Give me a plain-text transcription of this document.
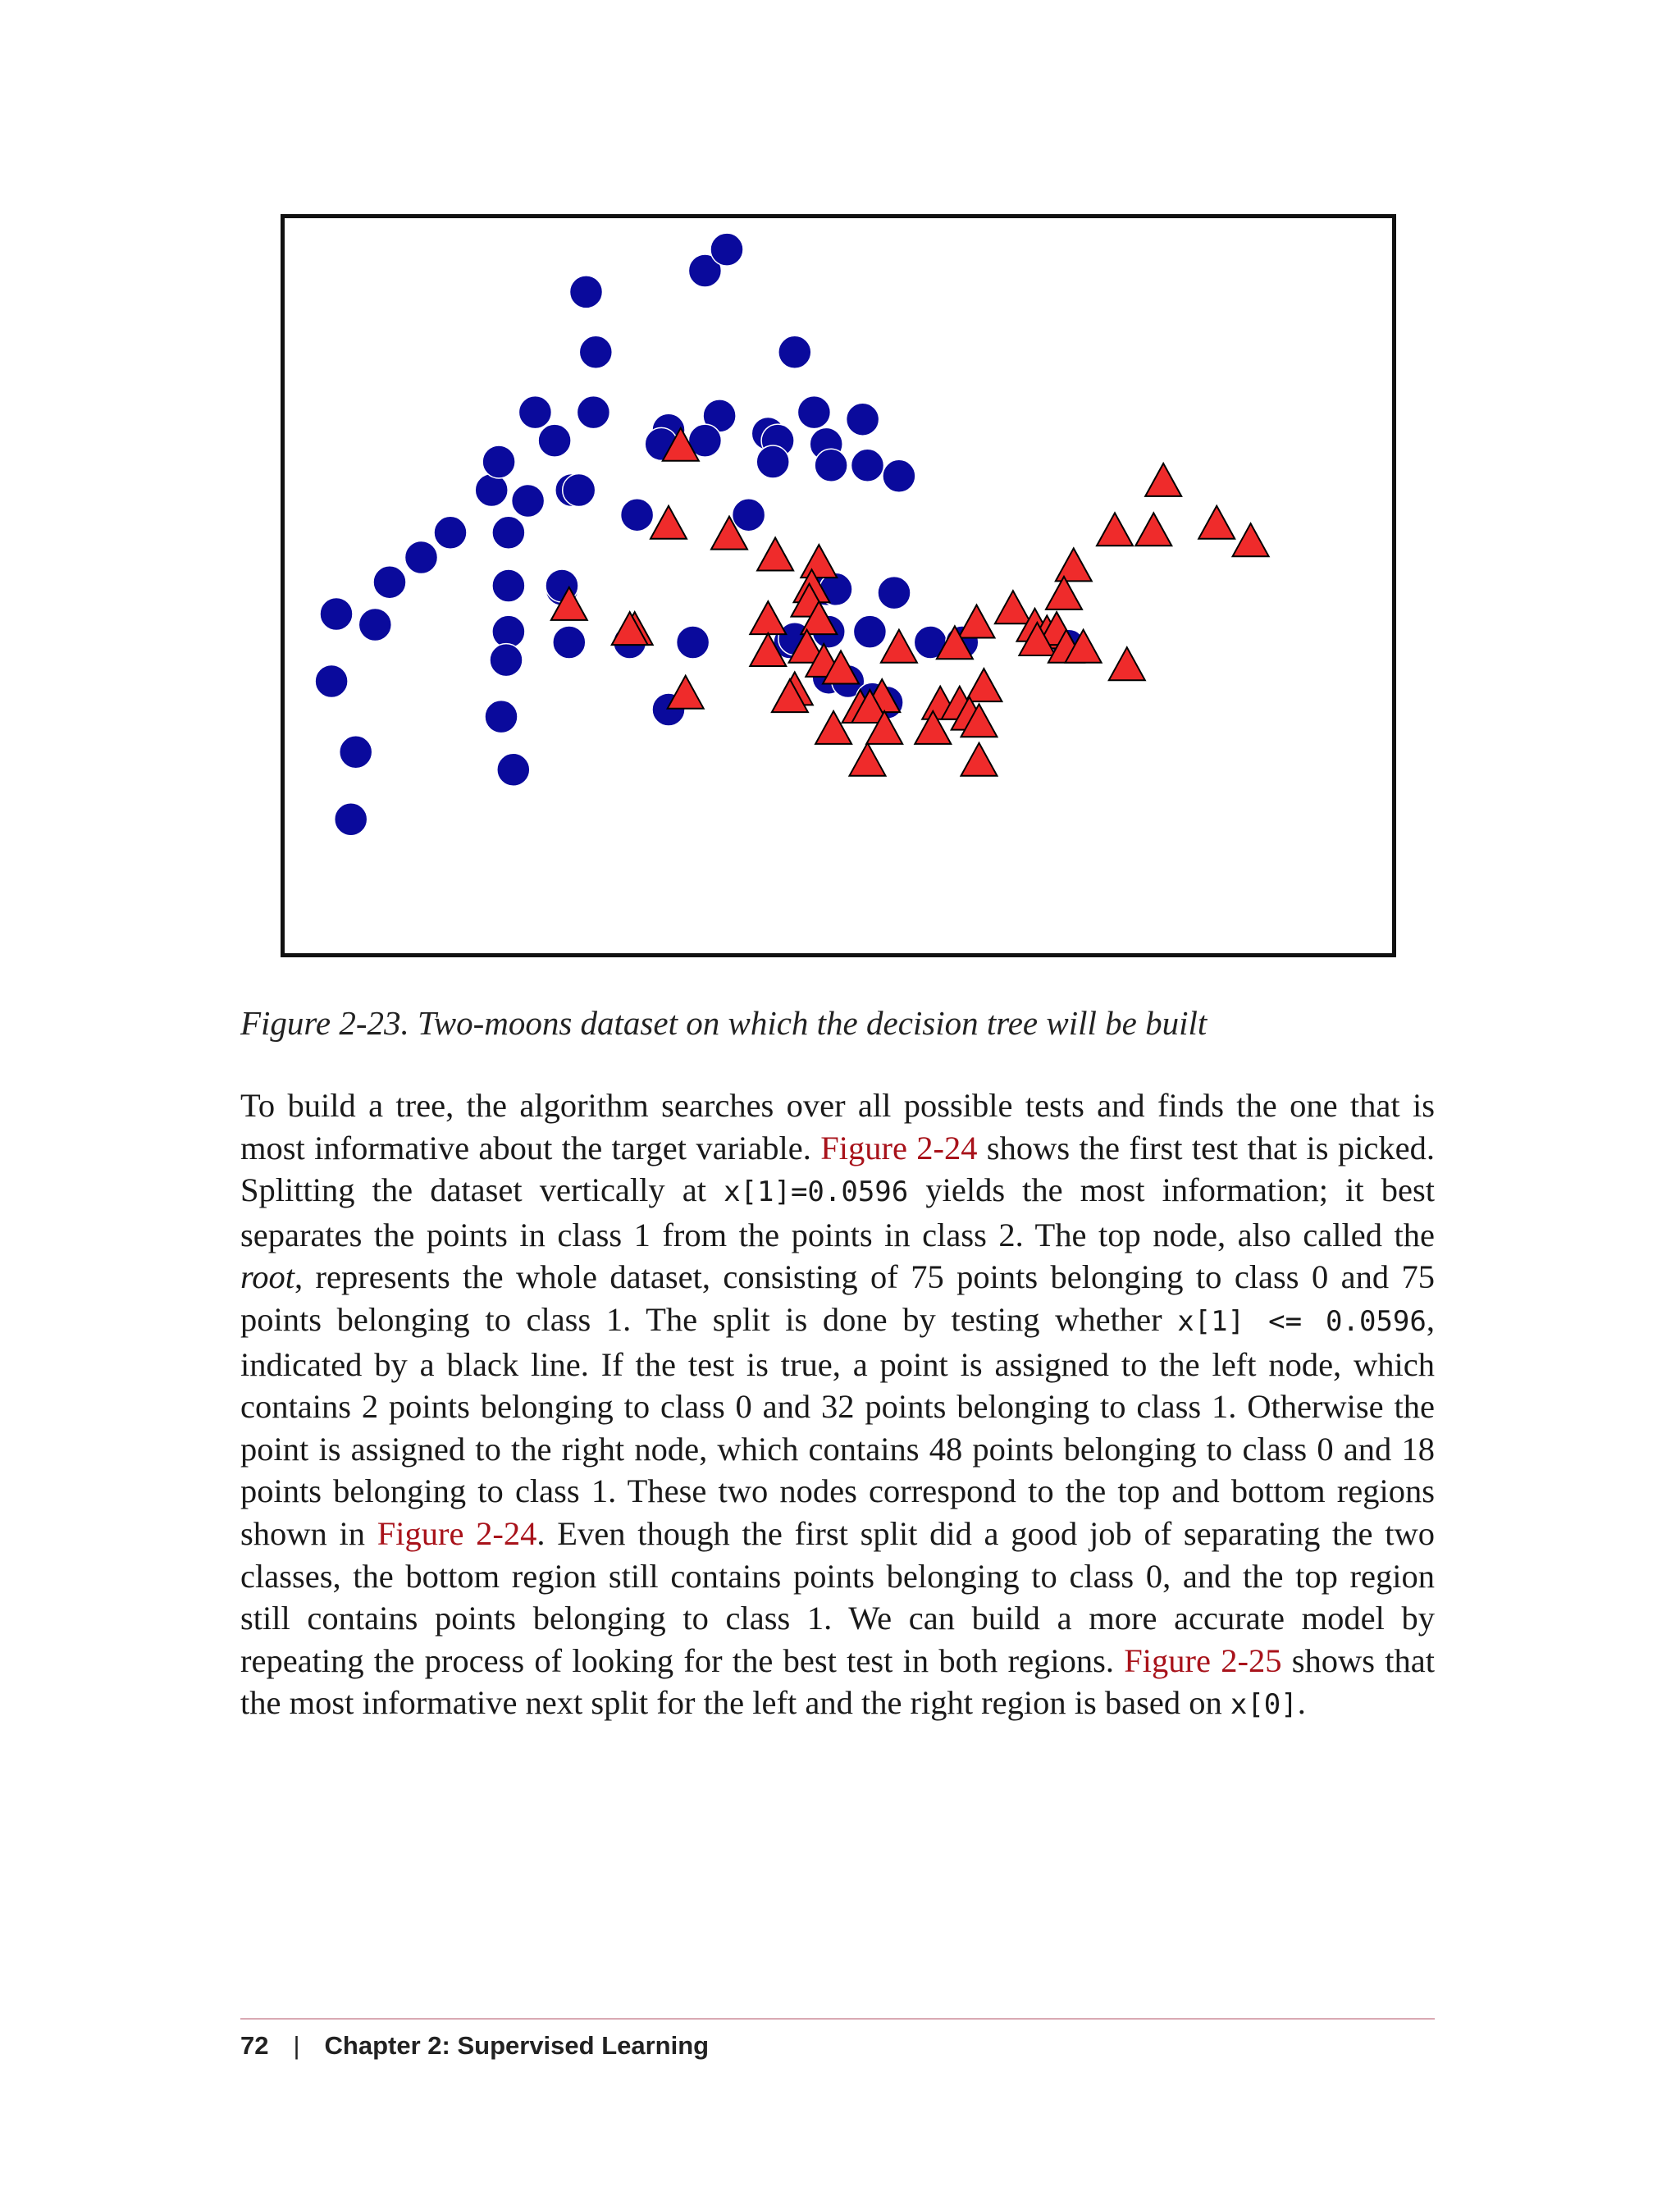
Figure 2-23. Two-moons dataset on which the decision tree will be built
To build a tree, the algorithm searches over all possible tests and finds the one that is most informative about the target variable. Figure 2-24 shows the first test that is picked. Splitting the dataset vertically at x[1]=0.0596 yields the most information; it best separates the points in class 1 from the points in class 2. The top node, also called the root, represents the whole dataset, consisting of 75 points belonging to class 0 and 75 points belonging to class 1. The split is done by testing whether x[1] <= 0.0596, indicated by a black line. If the test is true, a point is assigned to the left node, which contains 2 points belonging to class 0 and 32 points belonging to class 1. Otherwise the point is assigned to the right node, which contains 48 points belonging to class 0 and 18 points belonging to class 1. These two nodes correspond to the top and bottom regions shown in Figure 2-24. Even though the first split did a good job of separating the two classes, the bottom region still contains points belonging to class 0, and the top region still contains points belonging to class 1. We can build a more accurate model by repeating the process of looking for the best test in both regions. Figure 2-25 shows that the most informative next split for the left and the right region is based on x[0].
72 | Chapter 2: Supervised Learning
